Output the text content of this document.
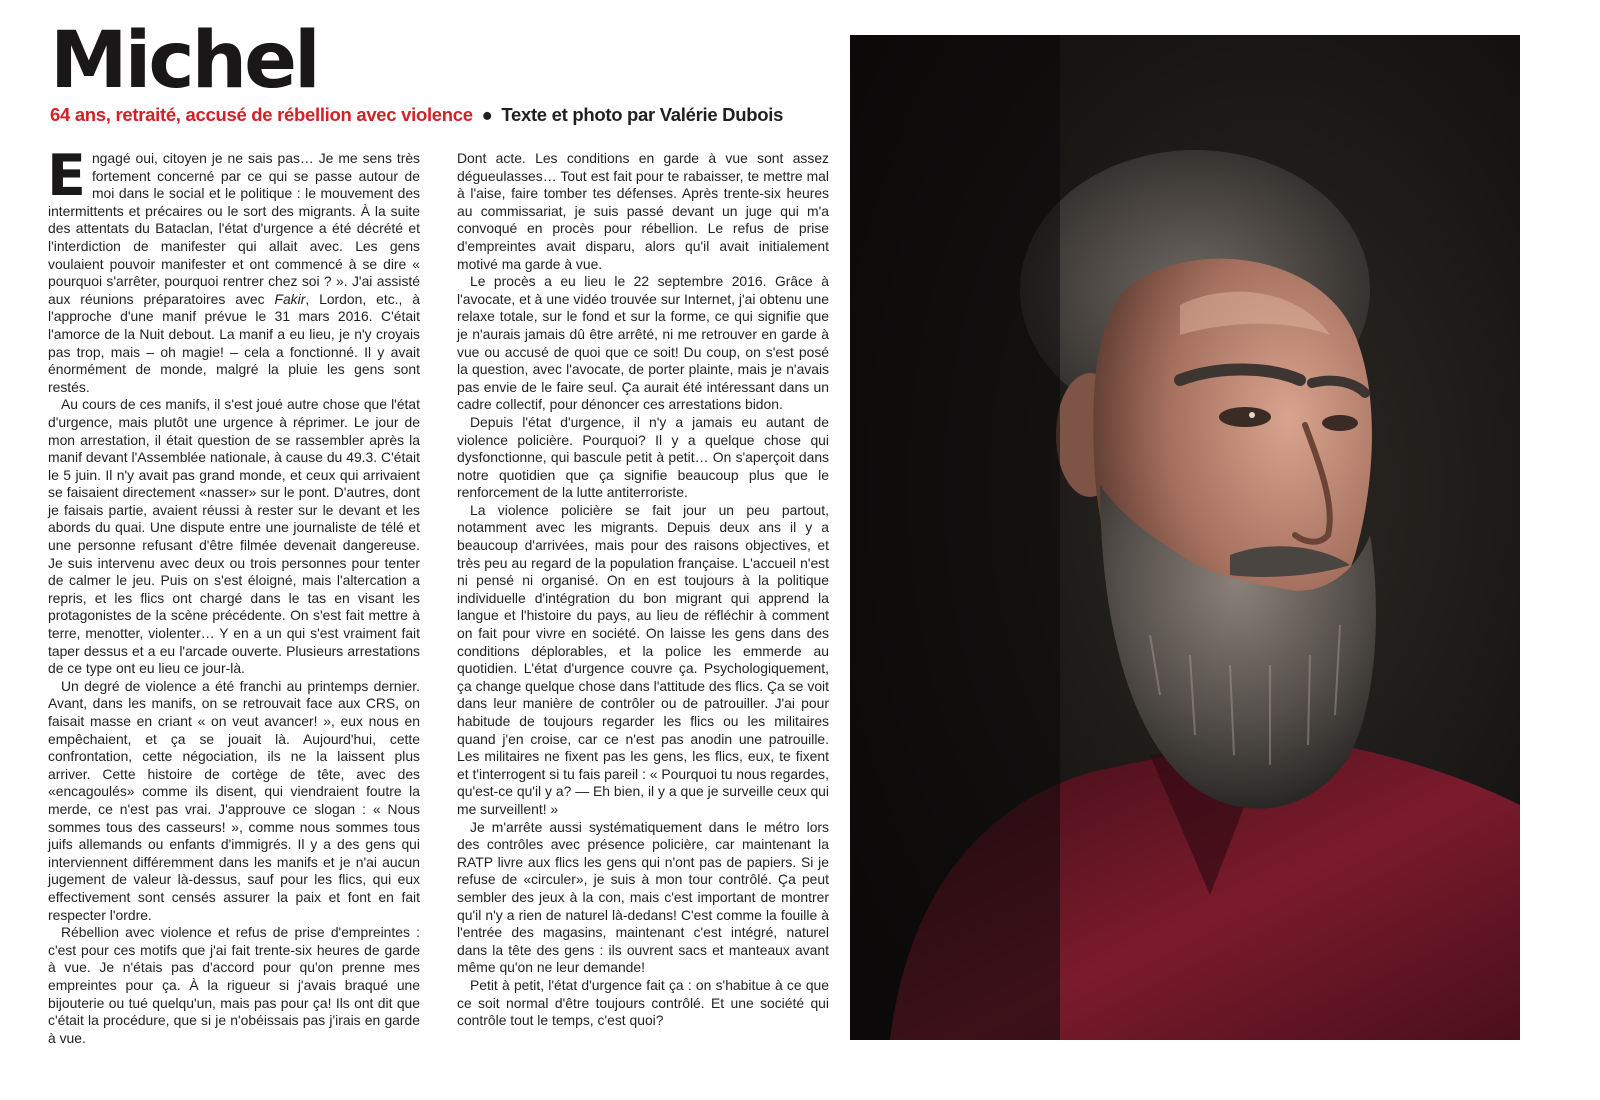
Michel
64 ans, retraité, accusé de rébellion avec violence ● Texte et photo par Valérie Dubois

Engagé oui, citoyen je ne sais pas… Je me sens très fortement concerné par ce qui se passe autour de moi dans le social et le politique : le mouvement des intermittents et précaires ou le sort des migrants. À la suite des attentats du Bataclan, l'état d'urgence a été décrété et l'interdiction de manifester qui allait avec. Les gens voulaient pouvoir manifester et ont commencé à se dire « pourquoi s'arrêter, pourquoi rentrer chez soi ? ». J'ai assisté aux réunions préparatoires avec Fakir, Lordon, etc., à l'approche d'une manif prévue le 31 mars 2016. C'était l'amorce de la Nuit debout. La manif a eu lieu, je n'y croyais pas trop, mais – oh magie! – cela a fonctionné. Il y avait énormément de monde, malgré la pluie les gens sont restés.

Au cours de ces manifs, il s'est joué autre chose que l'état d'urgence, mais plutôt une urgence à réprimer. Le jour de mon arrestation, il était question de se rassembler après la manif devant l'Assemblée nationale, à cause du 49.3. C'était le 5 juin. Il n'y avait pas grand monde, et ceux qui arrivaient se faisaient directement «nasser» sur le pont. D'autres, dont je faisais partie, avaient réussi à rester sur le devant et les abords du quai. Une dispute entre une journaliste de télé et une personne refusant d'être filmée devenait dangereuse. Je suis intervenu avec deux ou trois personnes pour tenter de calmer le jeu. Puis on s'est éloigné, mais l'altercation a repris, et les flics ont chargé dans le tas en visant les protagonistes de la scène précédente. On s'est fait mettre à terre, menotter, violenter… Y en a un qui s'est vraiment fait taper dessus et a eu l'arcade ouverte. Plusieurs arrestations de ce type ont eu lieu ce jour-là.

Un degré de violence a été franchi au printemps dernier. Avant, dans les manifs, on se retrouvait face aux CRS, on faisait masse en criant « on veut avancer! », eux nous en empêchaient, et ça se jouait là. Aujourd'hui, cette confrontation, cette négociation, ils ne la laissent plus arriver. Cette histoire de cortège de tête, avec des «encagoulés» comme ils disent, qui viendraient foutre la merde, ce n'est pas vrai. J'approuve ce slogan : « Nous sommes tous des casseurs! », comme nous sommes tous juifs allemands ou enfants d'immigrés. Il y a des gens qui interviennent différemment dans les manifs et je n'ai aucun jugement de valeur là-dessus, sauf pour les flics, qui eux effectivement sont censés assurer la paix et font en fait respecter l'ordre.

Rébellion avec violence et refus de prise d'empreintes : c'est pour ces motifs que j'ai fait trente-six heures de garde à vue. Je n'étais pas d'accord pour qu'on prenne mes empreintes pour ça. À la rigueur si j'avais braqué une bijouterie ou tué quelqu'un, mais pas pour ça! Ils ont dit que c'était la procédure, que si je n'obéissais pas j'irais en garde à vue.

Dont acte. Les conditions en garde à vue sont assez dégueulasses… Tout est fait pour te rabaisser, te mettre mal à l'aise, faire tomber tes défenses. Après trente-six heures au commissariat, je suis passé devant un juge qui m'a convoqué en procès pour rébellion. Le refus de prise d'empreintes avait disparu, alors qu'il avait initialement motivé ma garde à vue.

Le procès a eu lieu le 22 septembre 2016. Grâce à l'avocate, et à une vidéo trouvée sur Internet, j'ai obtenu une relaxe totale, sur le fond et sur la forme, ce qui signifie que je n'aurais jamais dû être arrêté, ni me retrouver en garde à vue ou accusé de quoi que ce soit! Du coup, on s'est posé la question, avec l'avocate, de porter plainte, mais je n'avais pas envie de le faire seul. Ça aurait été intéressant dans un cadre collectif, pour dénoncer ces arrestations bidon.

Depuis l'état d'urgence, il n'y a jamais eu autant de violence policière. Pourquoi? Il y a quelque chose qui dysfonctionne, qui bascule petit à petit… On s'aperçoit dans notre quotidien que ça signifie beaucoup plus que le renforcement de la lutte antiterroriste.

La violence policière se fait jour un peu partout, notamment avec les migrants. Depuis deux ans il y a beaucoup d'arrivées, mais pour des raisons objectives, et très peu au regard de la population française. L'accueil n'est ni pensé ni organisé. On en est toujours à la politique individuelle d'intégration du bon migrant qui apprend la langue et l'histoire du pays, au lieu de réfléchir à comment on fait pour vivre en société. On laisse les gens dans des conditions déplorables, et la police les emmerde au quotidien. L'état d'urgence couvre ça. Psychologiquement, ça change quelque chose dans l'attitude des flics. Ça se voit dans leur manière de contrôler ou de patrouiller. J'ai pour habitude de toujours regarder les flics ou les militaires quand j'en croise, car ce n'est pas anodin une patrouille. Les militaires ne fixent pas les gens, les flics, eux, te fixent et t'interrogent si tu fais pareil : « Pourquoi tu nous regardes, qu'est-ce qu'il y a? — Eh bien, il y a que je surveille ceux qui me surveillent! »

Je m'arrête aussi systématiquement dans le métro lors des contrôles avec présence policière, car maintenant la RATP livre aux flics les gens qui n'ont pas de papiers. Si je refuse de «circuler», je suis à mon tour contrôlé. Ça peut sembler des jeux à la con, mais c'est important de montrer qu'il n'y a rien de naturel là-dedans! C'est comme la fouille à l'entrée des magasins, maintenant c'est intégré, naturel dans la tête des gens : ils ouvrent sacs et manteaux avant même qu'on ne leur demande!

Petit à petit, l'état d'urgence fait ça : on s'habitue à ce que ce soit normal d'être toujours contrôlé. Et une société qui contrôle tout le temps, c'est quoi?
